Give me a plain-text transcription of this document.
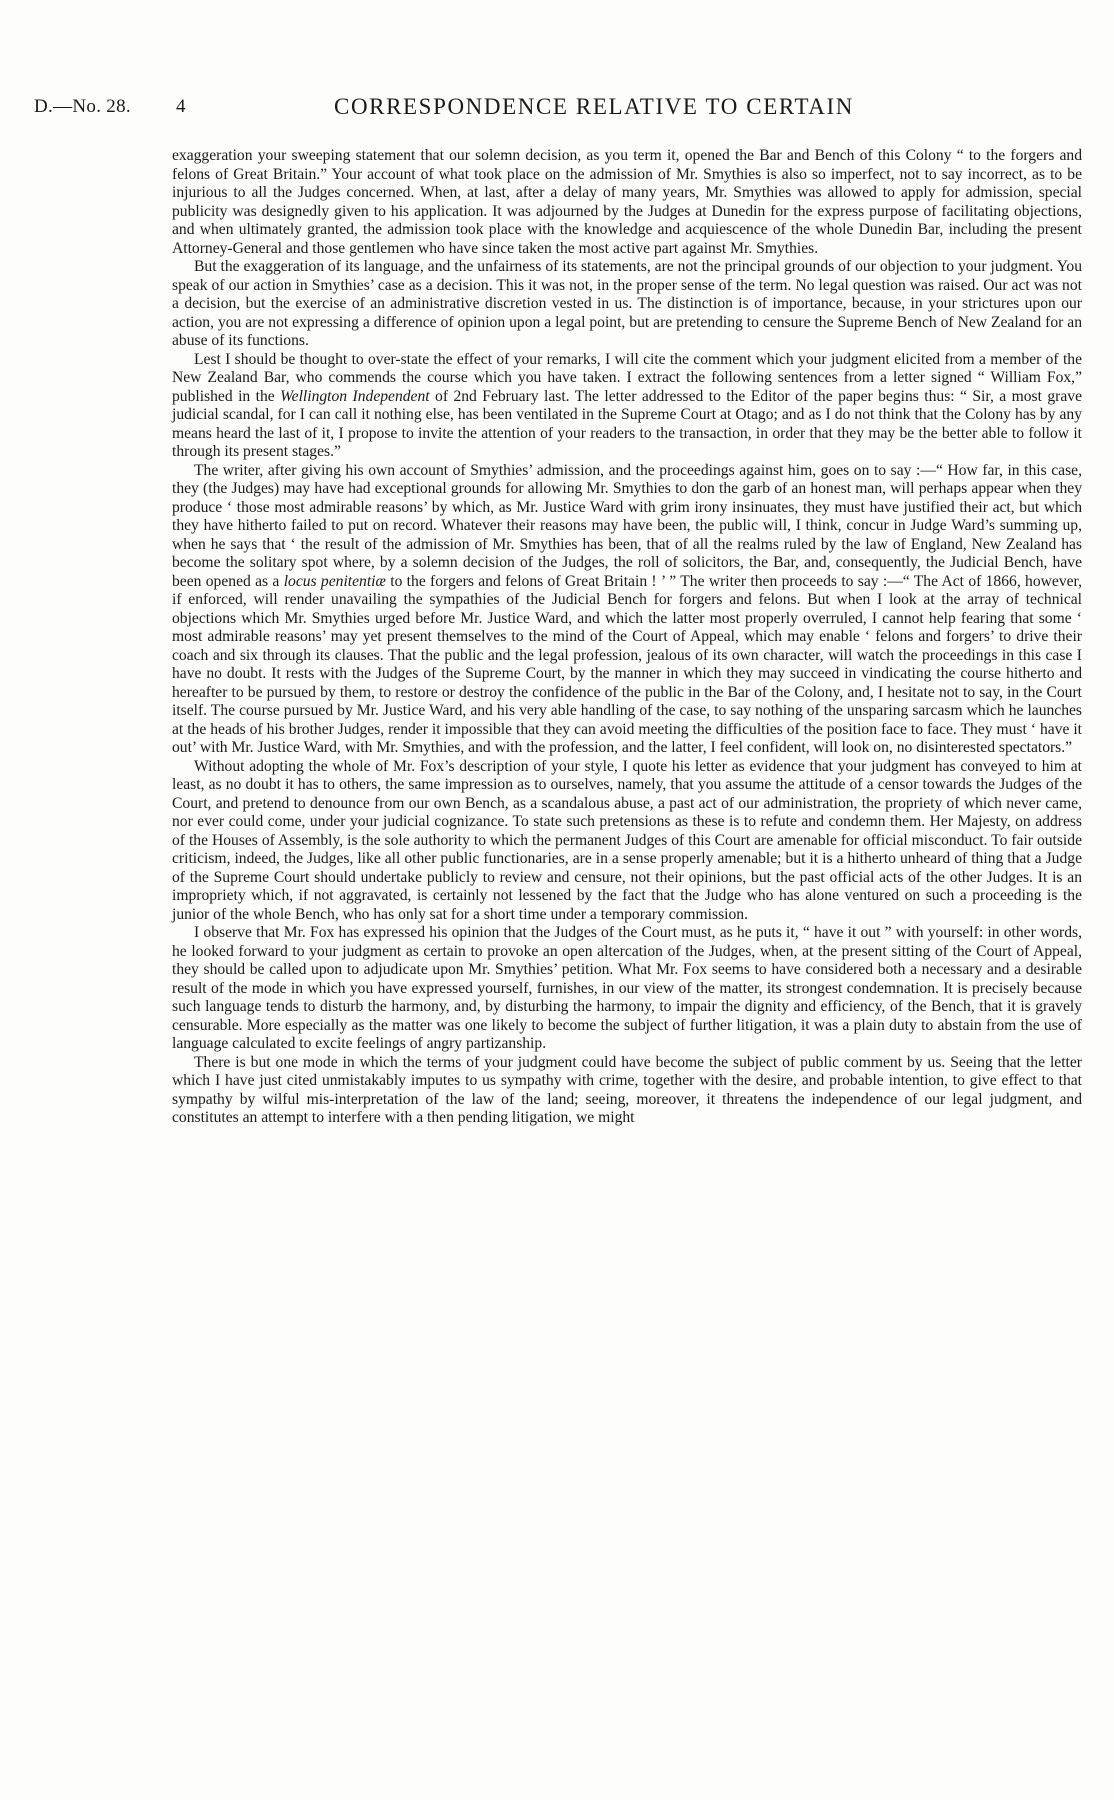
D.—No. 28. 4	CORRESPONDENCE RELATIVE TO CERTAIN

exaggeration your sweeping statement that our solemn decision, as you term it, opened the Bar and Bench of this Colony “ to the forgers and felons of Great Britain.” Your account of what took place on the admission of Mr. Smythies is also so imperfect, not to say incorrect, as to be injurious to all the Judges concerned. When, at last, after a delay of many years, Mr. Smythies was allowed to apply for admission, special publicity was designedly given to his application. It was adjourned by the Judges at Dunedin for the express purpose of facilitating objections, and when ultimately granted, the admission took place with the knowledge and acquiescence of the whole Dunedin Bar, including the present Attorney-General and those gentlemen who have since taken the most active part against Mr. Smythies.

But the exaggeration of its language, and the unfairness of its statements, are not the principal grounds of our objection to your judgment. You speak of our action in Smythies’ case as a decision. This it was not, in the proper sense of the term. No legal question was raised. Our act was not a decision, but the exercise of an administrative discretion vested in us. The distinction is of importance, because, in your strictures upon our action, you are not expressing a difference of opinion upon a legal point, but are pretending to censure the Supreme Bench of New Zealand for an abuse of its functions.

Lest I should be thought to over-state the effect of your remarks, I will cite the comment which your judgment elicited from a member of the New Zealand Bar, who commends the course which you have taken. I extract the following sentences from a letter signed “ William Fox,” published in the Wellington Independent of 2nd February last. The letter addressed to the Editor of the paper begins thus: “ Sir, a most grave judicial scandal, for I can call it nothing else, has been ventilated in the Supreme Court at Otago; and as I do not think that the Colony has by any means heard the last of it, I propose to invite the attention of your readers to the transaction, in order that they may be the better able to follow it through its present stages.”

The writer, after giving his own account of Smythies’ admission, and the proceedings against him, goes on to say :—“ How far, in this case, they (the Judges) may have had exceptional grounds for allowing Mr. Smythies to don the garb of an honest man, will perhaps appear when they produce ‘ those most admirable reasons’ by which, as Mr. Justice Ward with grim irony insinuates, they must have justified their act, but which they have hitherto failed to put on record. Whatever their reasons may have been, the public will, I think, concur in Judge Ward’s summing up, when he says that ‘ the result of the admission of Mr. Smythies has been, that of all the realms ruled by the law of England, New Zealand has become the solitary spot where, by a solemn decision of the Judges, the roll of solicitors, the Bar, and, consequently, the Judicial Bench, have been opened as a locus penitentiæ to the forgers and felons of Great Britain ! ’ ” The writer then proceeds to say :—“ The Act of 1866, however, if enforced, will render unavailing the sympathies of the Judicial Bench for forgers and felons. But when I look at the array of technical objections which Mr. Smythies urged before Mr. Justice Ward, and which the latter most properly overruled, I cannot help fearing that some ‘ most admirable reasons’ may yet present themselves to the mind of the Court of Appeal, which may enable ‘ felons and forgers’ to drive their coach and six through its clauses. That the public and the legal profession, jealous of its own character, will watch the proceedings in this case I have no doubt. It rests with the Judges of the Supreme Court, by the manner in which they may succeed in vindicating the course hitherto and hereafter to be pursued by them, to restore or destroy the confidence of the public in the Bar of the Colony, and, I hesitate not to say, in the Court itself. The course pursued by Mr. Justice Ward, and his very able handling of the case, to say nothing of the unsparing sarcasm which he launches at the heads of his brother Judges, render it impossible that they can avoid meeting the difficulties of the position face to face. They must ‘ have it out’ with Mr. Justice Ward, with Mr. Smythies, and with the profession, and the latter, I feel confident, will look on, no disinterested spectators.”

Without adopting the whole of Mr. Fox’s description of your style, I quote his letter as evidence that your judgment has conveyed to him at least, as no doubt it has to others, the same impression as to ourselves, namely, that you assume the attitude of a censor towards the Judges of the Court, and pretend to denounce from our own Bench, as a scandalous abuse, a past act of our administration, the propriety of which never came, nor ever could come, under your judicial cognizance. To state such pretensions as these is to refute and condemn them. Her Majesty, on address of the Houses of Assembly, is the sole authority to which the permanent Judges of this Court are amenable for official misconduct. To fair outside criticism, indeed, the Judges, like all other public functionaries, are in a sense properly amenable; but it is a hitherto unheard of thing that a Judge of the Supreme Court should undertake publicly to review and censure, not their opinions, but the past official acts of the other Judges. It is an impropriety which, if not aggravated, is certainly not lessened by the fact that the Judge who has alone ventured on such a proceeding is the junior of the whole Bench, who has only sat for a short time under a temporary commission.

I observe that Mr. Fox has expressed his opinion that the Judges of the Court must, as he puts it, “ have it out ” with yourself: in other words, he looked forward to your judgment as certain to provoke an open altercation of the Judges, when, at the present sitting of the Court of Appeal, they should be called upon to adjudicate upon Mr. Smythies’ petition. What Mr. Fox seems to have considered both a necessary and a desirable result of the mode in which you have expressed yourself, furnishes, in our view of the matter, its strongest condemnation. It is precisely because such language tends to disturb the harmony, and, by disturbing the harmony, to impair the dignity and efficiency, of the Bench, that it is gravely censurable. More especially as the matter was one likely to become the subject of further litigation, it was a plain duty to abstain from the use of language calculated to excite feelings of angry partizanship.

There is but one mode in which the terms of your judgment could have become the subject of public comment by us. Seeing that the letter which I have just cited unmistakably imputes to us sympathy with crime, together with the desire, and probable intention, to give effect to that sympathy by wilful mis-interpretation of the law of the land; seeing, moreover, it threatens the independence of our legal judgment, and constitutes an attempt to interfere with a then pending litigation, we might
